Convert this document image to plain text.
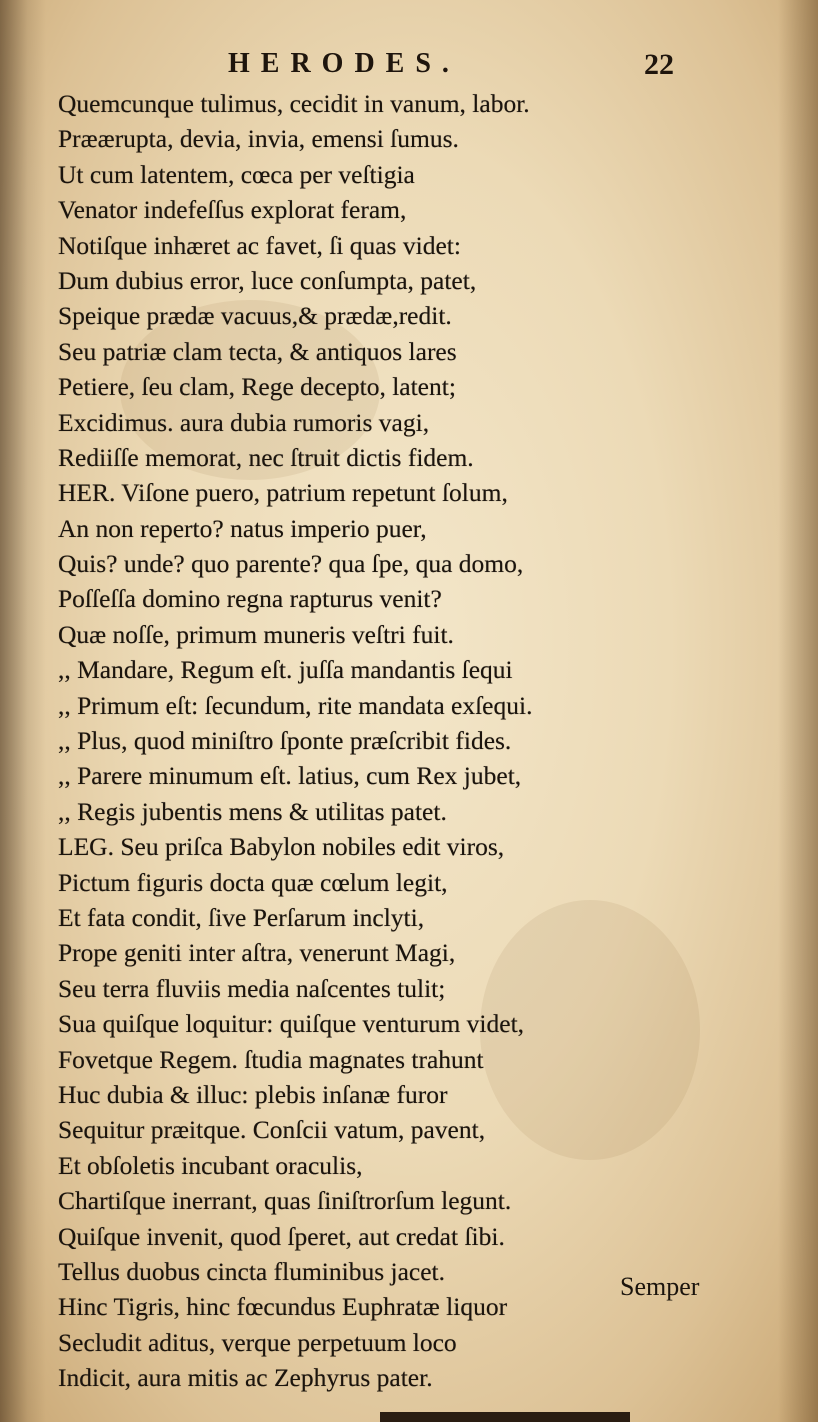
HERODES.	22
Quemcunque tulimus, cecidit in vanum, labor.
Præærupta, devia, invia, emensi ſumus.
Ut cum latentem, cœca per veſtigia
Venator indefeſſus explorat feram,
Notiſque inhæret ac favet, ſi quas videt:
Dum dubius error, luce conſumpta, patet,
Speique prædæ vacuus,& prædæ,redit.
Seu patriæ clam tecta, & antiquos lares
Petiere, ſeu clam, Rege decepto, latent;
Excidimus. aura dubia rumoris vagi,
Rediiſſe memorat, nec ſtruit dictis fidem.
HER. Viſone puero, patrium repetunt ſolum,
An non reperto? natus imperio puer,
Quis? unde? quo parente? qua ſpe, qua domo,
Poſſeſſa domino regna rapturus venit?
Quæ noſſe, primum muneris veſtri fuit.
,, Mandare, Regum eſt. juſſa mandantis ſequi
,, Primum eſt: ſecundum, rite mandata exſequi.
,, Plus, quod miniſtro ſponte præſcribit fides.
,, Parere minumum eſt. latius, cum Rex jubet,
,, Regis jubentis mens & utilitas patet.
LEG. Seu priſca Babylon nobiles edit viros,
Pictum figuris docta quæ cœlum legit,
Et fata condit, ſive Perſarum inclyti,
Prope geniti inter aſtra, venerunt Magi,
Seu terra fluviis media naſcentes tulit;
Sua quiſque loquitur: quiſque venturum videt,
Fovetque Regem. ſtudia magnates trahunt
Huc dubia & illuc: plebis inſanæ furor
Sequitur præitque. Conſcii vatum, pavent,
Et obſoletis incubant oraculis,
Chartiſque inerrant, quas ſiniſtrorſum legunt.
Quiſque invenit, quod ſperet, aut credat ſibi.
Tellus duobus cincta fluminibus jacet.
Hinc Tigris, hinc fœcundus Euphratæ liquor
Secludit aditus, verque perpetuum loco
Indicit, aura mitis ac Zephyrus pater.
Semper
